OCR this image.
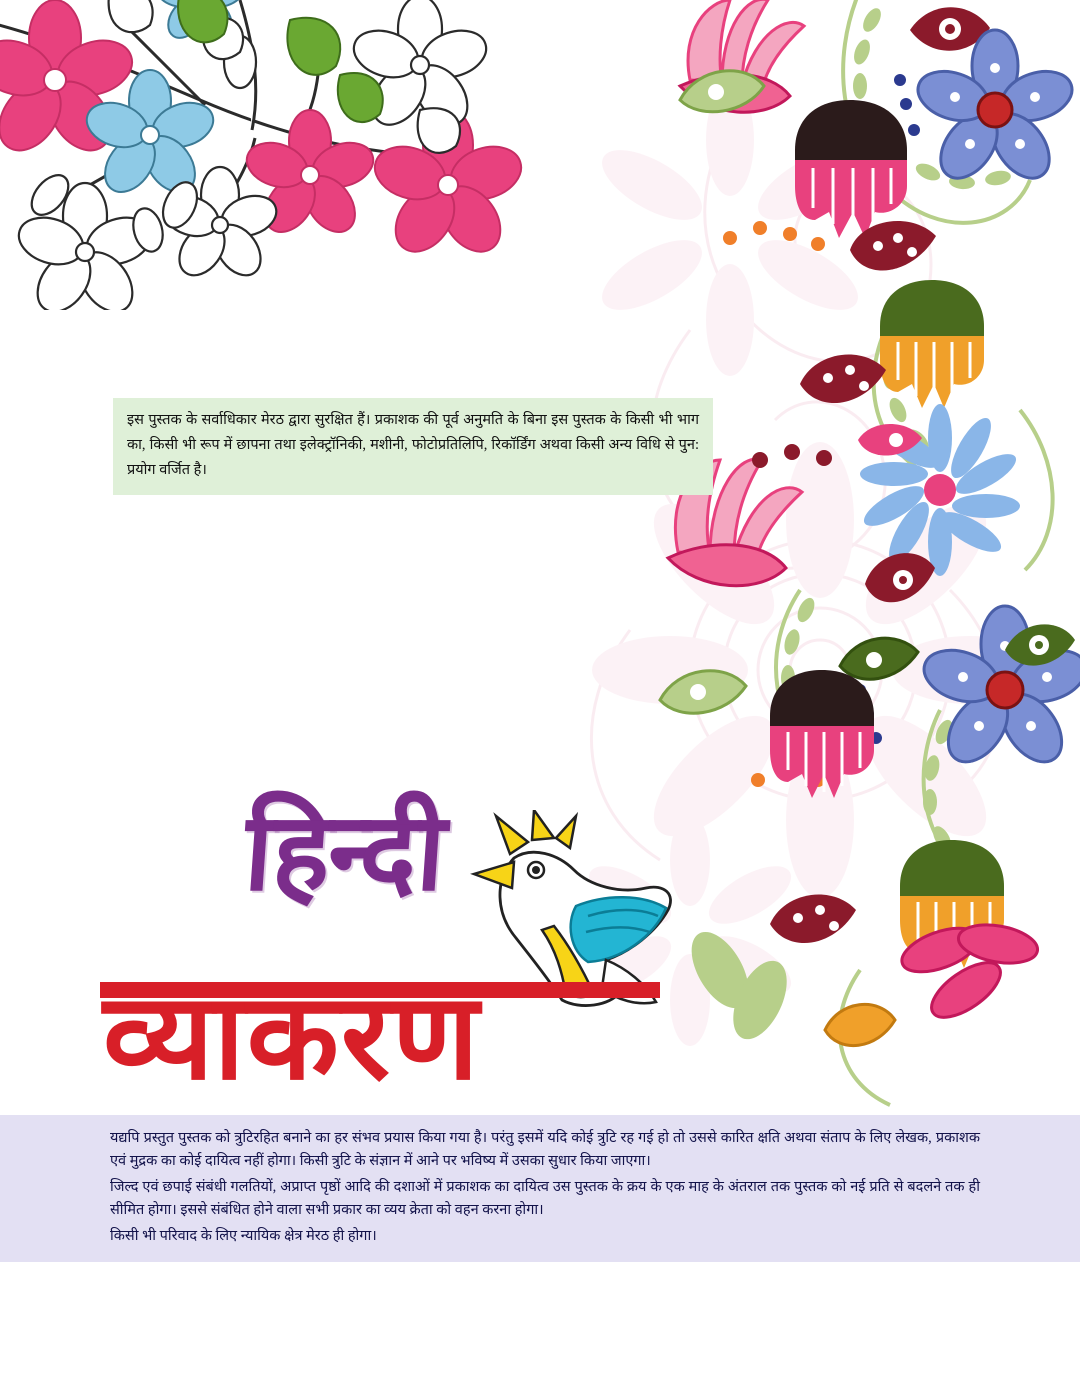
इस पुस्तक के सर्वाधिकार मेरठ द्वारा सुरक्षित हैं। प्रकाशक की पूर्व अनुमति के बिना इस पुस्तक के किसी भी भाग का, किसी भी रूप में छापना तथा इलेक्ट्रॉनिकी, मशीनी, फोटोप्रतिलिपि, रिकॉर्डिंग अथवा किसी अन्य विधि से पुन: प्रयोग वर्जित है।

हिन्दी
व्याकरण

यद्यपि प्रस्तुत पुस्तक को त्रुटिरहित बनाने का हर संभव प्रयास किया गया है। परंतु इसमें यदि कोई त्रुटि रह गई हो तो उससे कारित क्षति अथवा संताप के लिए लेखक, प्रकाशक एवं मुद्रक का कोई दायित्व नहीं होगा। किसी त्रुटि के संज्ञान में आने पर भविष्य में उसका सुधार किया जाएगा।

जिल्द एवं छपाई संबंधी गलतियों, अप्राप्त पृष्ठों आदि की दशाओं में प्रकाशक का दायित्व उस पुस्तक के क्रय के एक माह के अंतराल तक पुस्तक को नई प्रति से बदलने तक ही सीमित होगा। इससे संबंधित होने वाला सभी प्रकार का व्यय क्रेता को वहन करना होगा।

किसी भी परिवाद के लिए न्यायिक क्षेत्र मेरठ ही होगा।
